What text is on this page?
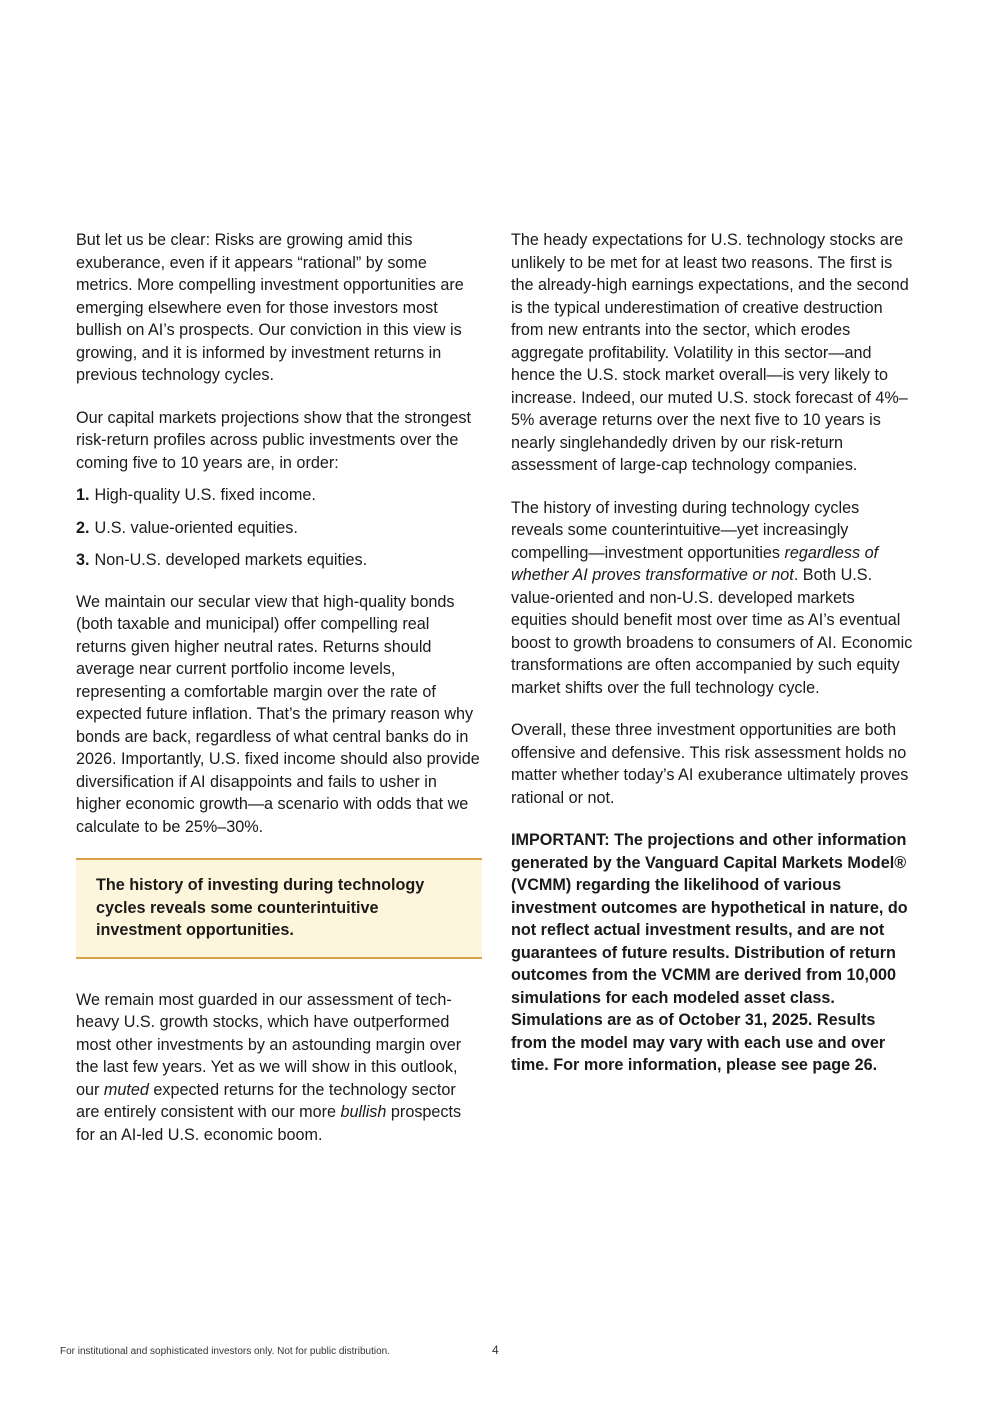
But let us be clear: Risks are growing amid this exuberance, even if it appears “rational” by some metrics. More compelling investment opportunities are emerging elsewhere even for those investors most bullish on AI’s prospects. Our conviction in this view is growing, and it is informed by investment returns in previous technology cycles.

Our capital markets projections show that the strongest risk-return profiles across public investments over the coming five to 10 years are, in order:

1. High-quality U.S. fixed income.
2. U.S. value-oriented equities.
3. Non-U.S. developed markets equities.

We maintain our secular view that high-quality bonds (both taxable and municipal) offer compelling real returns given higher neutral rates. Returns should average near current portfolio income levels, representing a comfortable margin over the rate of expected future inflation. That’s the primary reason why bonds are back, regardless of what central banks do in 2026. Importantly, U.S. fixed income should also provide diversification if AI disappoints and fails to usher in higher economic growth—a scenario with odds that we calculate to be 25%–30%.

The history of investing during technology cycles reveals some counterintuitive investment opportunities.

We remain most guarded in our assessment of tech-heavy U.S. growth stocks, which have outperformed most other investments by an astounding margin over the last few years. Yet as we will show in this outlook, our muted expected returns for the technology sector are entirely consistent with our more bullish prospects for an AI-led U.S. economic boom.

The heady expectations for U.S. technology stocks are unlikely to be met for at least two reasons. The first is the already-high earnings expectations, and the second is the typical underestimation of creative destruction from new entrants into the sector, which erodes aggregate profitability. Volatility in this sector—and hence the U.S. stock market overall—is very likely to increase. Indeed, our muted U.S. stock forecast of 4%–5% average returns over the next five to 10 years is nearly singlehandedly driven by our risk-return assessment of large-cap technology companies.

The history of investing during technology cycles reveals some counterintuitive—yet increasingly compelling—investment opportunities regardless of whether AI proves transformative or not. Both U.S. value-oriented and non-U.S. developed markets equities should benefit most over time as AI’s eventual boost to growth broadens to consumers of AI. Economic transformations are often accompanied by such equity market shifts over the full technology cycle.

Overall, these three investment opportunities are both offensive and defensive. This risk assessment holds no matter whether today’s AI exuberance ultimately proves rational or not.

IMPORTANT: The projections and other information generated by the Vanguard Capital Markets Model® (VCMM) regarding the likelihood of various investment outcomes are hypothetical in nature, do not reflect actual investment results, and are not guarantees of future results. Distribution of return outcomes from the VCMM are derived from 10,000 simulations for each modeled asset class. Simulations are as of October 31, 2025. Results from the model may vary with each use and over time. For more information, please see page 26.

For institutional and sophisticated investors only. Not for public distribution.	4
